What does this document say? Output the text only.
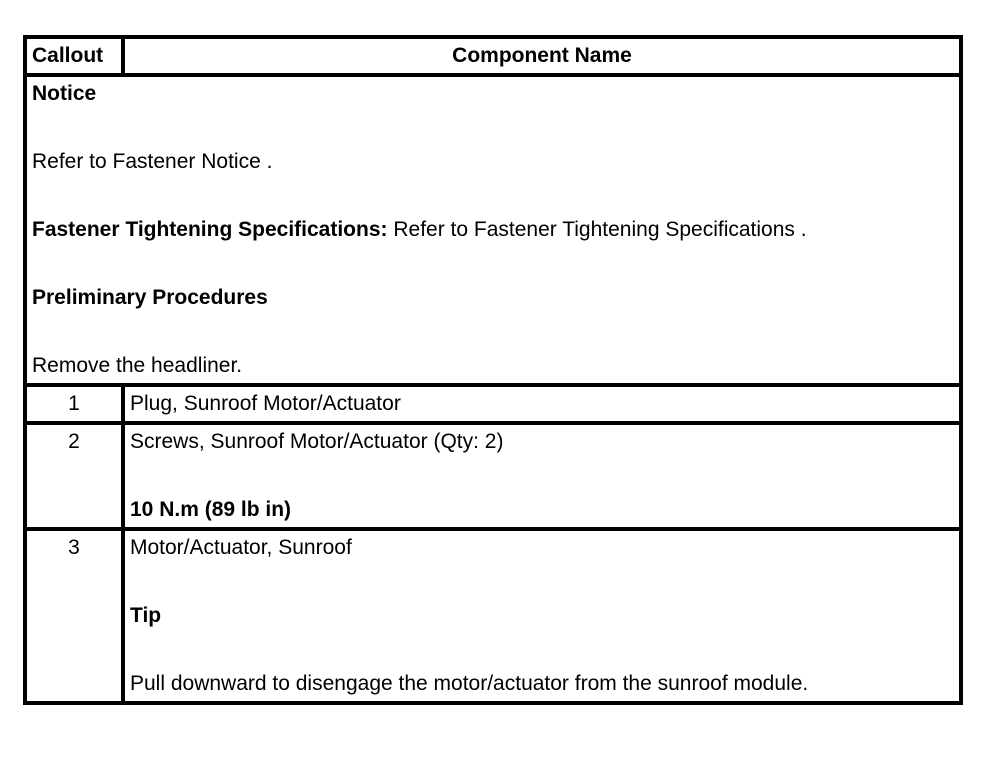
Callout	Component Name

Notice

Refer to Fastener Notice .

Fastener Tightening Specifications: Refer to Fastener Tightening Specifications .

Preliminary Procedures

Remove the headliner.	

1	Plug, Sunroof Motor/Actuator
2	Screws, Sunroof Motor/Actuator (Qty: 2)

10 N.m (89 lb in)

3	Motor/Actuator, Sunroof

Tip

Pull downward to disengage the motor/actuator from the sunroof module.
